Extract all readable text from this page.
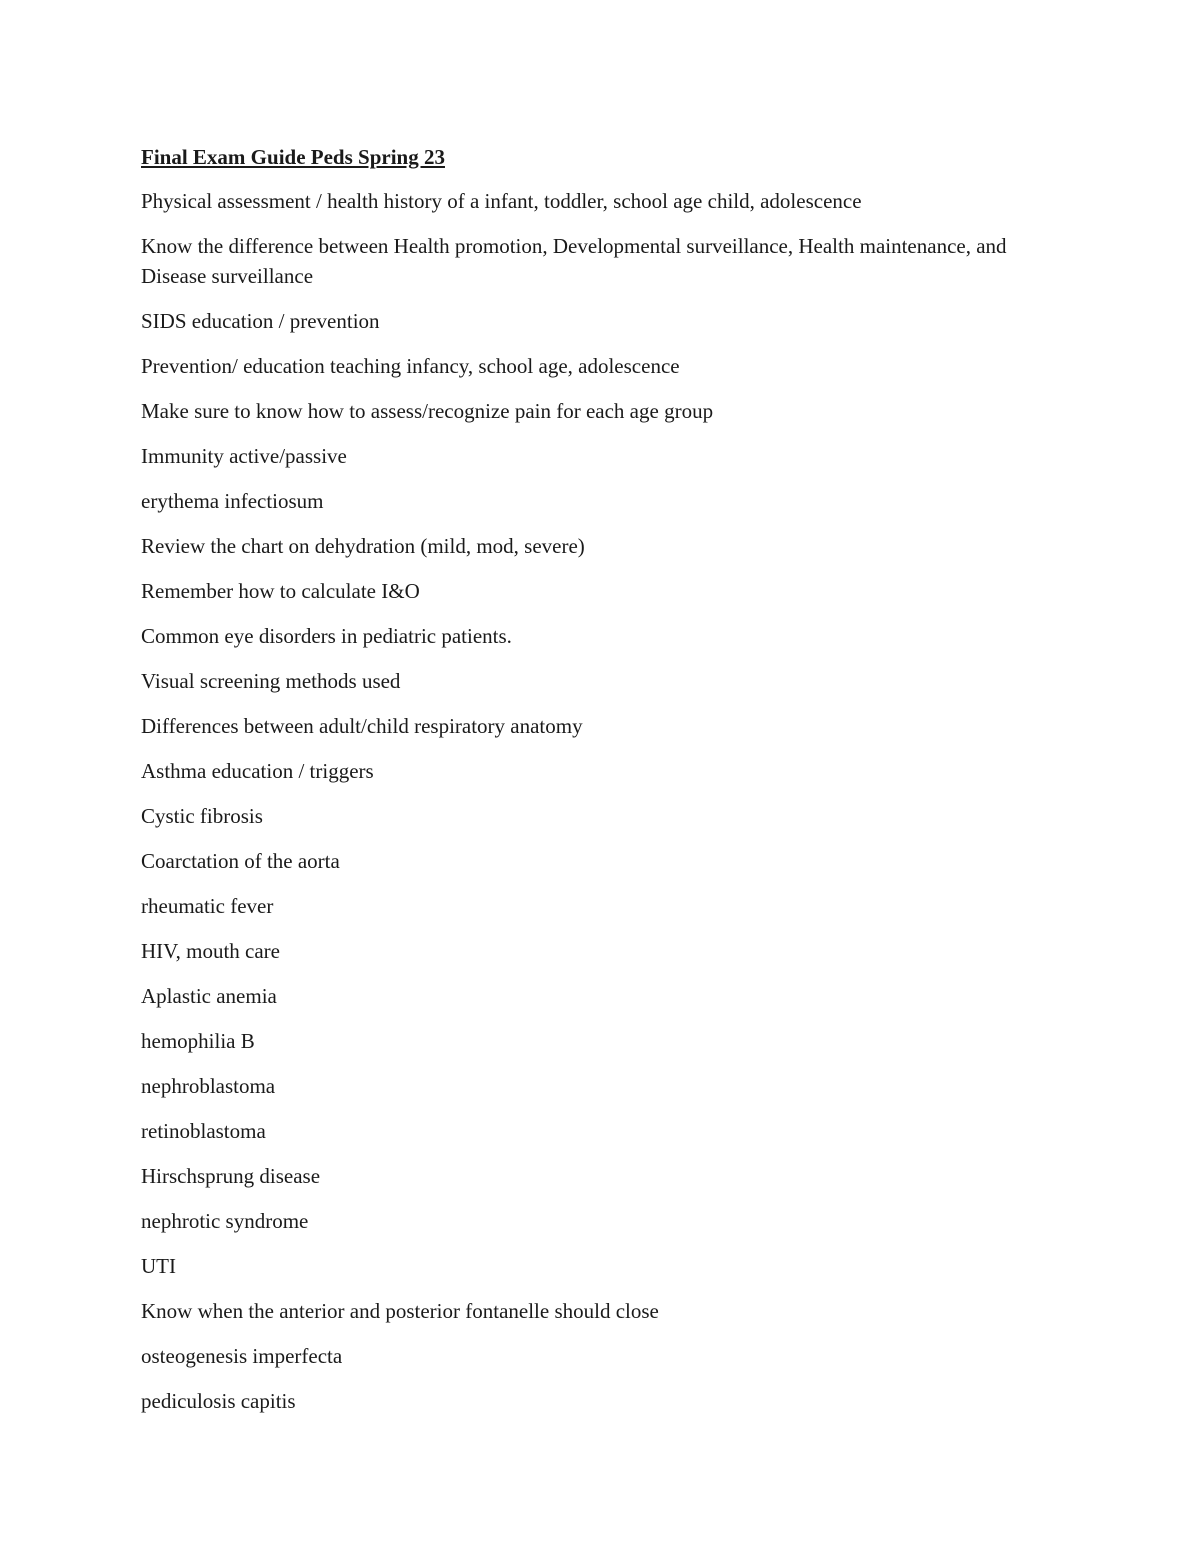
Final Exam Guide Peds Spring 23
Physical assessment / health history of a infant, toddler, school age child, adolescence
Know the difference between Health promotion, Developmental surveillance, Health maintenance, and Disease surveillance
SIDS education / prevention
Prevention/ education teaching infancy, school age, adolescence
Make sure to know how to assess/recognize pain for each age group
Immunity active/passive
erythema infectiosum
Review the chart on dehydration (mild, mod, severe)
Remember how to calculate I&O
Common eye disorders in pediatric patients.
Visual screening methods used
Differences between adult/child respiratory anatomy
Asthma education / triggers
Cystic fibrosis
Coarctation of the aorta
rheumatic fever
HIV, mouth care
Aplastic anemia
hemophilia B
nephroblastoma
retinoblastoma
Hirschsprung disease
nephrotic syndrome
UTI
Know when the anterior and posterior fontanelle should close
osteogenesis imperfecta
pediculosis capitis
